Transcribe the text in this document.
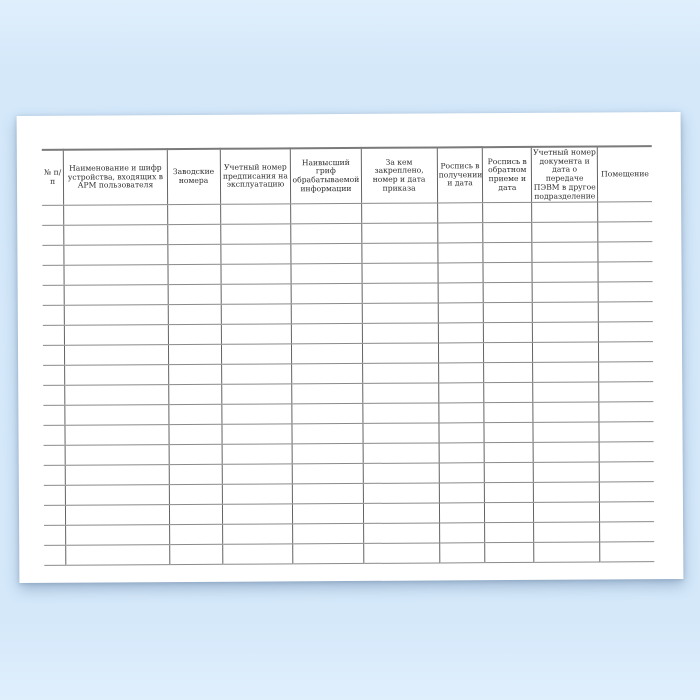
№ п/п	Наименование и шифр устройства, входящих в АРМ пользователя	Заводские номера	Учетный номер предписания на эксплуатацию	Наивысший гриф обрабатываемой информации	За кем закреплено, номер и дата приказа	Роспись в получении и дата	Роспись в обратном приеме и дата	Учетный номер документа и дата о передаче ПЭВМ в другое подразделение	Помещение
